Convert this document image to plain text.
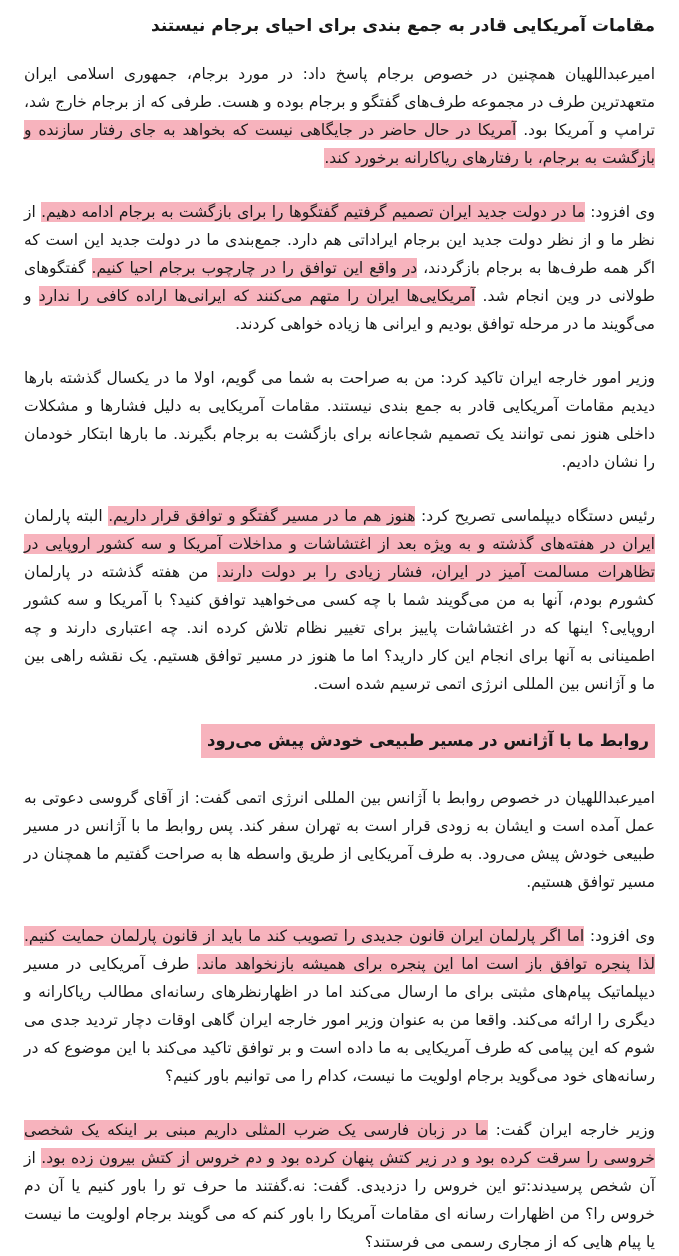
مقامات آمریکایی قادر به جمع بندی برای احیای برجام نیستند

امیرعبداللهیان همچنین در خصوص برجام پاسخ داد: در مورد برجام، جمهوری اسلامی ایران متعهدترین طرف در مجموعه طرف‌های گفتگو و برجام بوده و هست. طرفی که از برجام خارج شد، ترامپ و آمریکا بود. آمریکا در حال حاضر در جایگاهی نیست که بخواهد به جای رفتار سازنده و بازگشت به برجام، با رفتارهای ریاکارانه برخورد کند.

وی افزود: ما در دولت جدید ایران تصمیم گرفتیم گفتگوها را برای بازگشت به برجام ادامه دهیم. از نظر ما و از نظر دولت جدید این برجام ایراداتی هم دارد. جمع‌بندی ما در دولت جدید این است که اگر همه طرف‌ها به برجام بازگردند، در واقع این توافق را در چارچوب برجام احیا کنیم. گفتگوهای طولانی در وین انجام شد. آمریکایی‌ها ایران را متهم می‌کنند که ایرانی‌ها اراده کافی را ندارد و می‌گویند ما در مرحله توافق بودیم و ایرانی ها زیاده خواهی کردند.

وزیر امور خارجه ایران تاکید کرد: من به صراحت به شما می گویم، اولا ما در یکسال گذشته بارها دیدیم مقامات آمریکایی قادر به جمع بندی نیستند. مقامات آمریکایی به دلیل فشارها و مشکلات داخلی هنوز نمی توانند یک تصمیم شجاعانه برای بازگشت به برجام بگیرند. ما بارها ابتکار خودمان را نشان دادیم.

رئیس دستگاه دیپلماسی تصریح کرد: هنوز هم ما در مسیر گفتگو و توافق قرار داریم. البته پارلمان ایران در هفته‌های گذشته و به ویژه بعد از اغتشاشات و مداخلات آمریکا و سه کشور اروپایی در تظاهرات مسالمت آمیز در ایران، فشار زیادی را بر دولت دارند. من هفته گذشته در پارلمان کشورم بودم، آنها به من می‌گویند شما با چه کسی می‌خواهید توافق کنید؟ با آمریکا و سه کشور اروپایی؟ اینها که در اغتشاشات پاییز برای تغییر نظام تلاش کرده اند. چه اعتباری دارند و چه اطمینانی به آنها برای انجام این کار دارید؟ اما ما هنوز در مسیر توافق هستیم. یک نقشه راهی بین ما و آژانس بین المللی انرژی اتمی ترسیم شده است.

روابط ما با آژانس در مسیر طبیعی خودش پیش می‌رود

امیرعبداللهیان در خصوص روابط با آژانس بین المللی انرژی اتمی گفت: از آقای گروسی دعوتی به عمل آمده است و ایشان به زودی قرار است به تهران سفر کند. پس روابط ما با آژانس در مسیر طبیعی خودش پیش می‌رود. به طرف آمریکایی از طریق واسطه ها به صراحت گفتیم ما همچنان در مسیر توافق هستیم.

وی افزود: اما اگر پارلمان ایران قانون جدیدی را تصویب کند ما باید از قانون پارلمان حمایت کنیم. لذا پنجره توافق باز است اما این پنجره برای همیشه بازنخواهد ماند. طرف آمریکایی در مسیر دیپلماتیک پیام‌های مثبتی برای ما ارسال می‌کند اما در اظهارنظرهای رسانه‌ای مطالب ریاکارانه و دیگری را ارائه می‌کند. واقعا من به عنوان وزیر امور خارجه ایران گاهی اوقات دچار تردید جدی می شوم که این پیامی که طرف آمریکایی به ما داده است و بر توافق تاکید می‌کند با این موضوع که در رسانه‌های خود می‌گوید برجام اولویت ما نیست، کدام را می توانیم باور کنیم؟

وزیر خارجه ایران گفت: ما در زبان فارسی یک ضرب المثلی داریم مبنی بر اینکه یک شخصی خروسی را سرقت کرده بود و در زیر کتش پنهان کرده بود و دم خروس از کتش بیرون زده بود. از آن شخص پرسیدند:تو این خروس را دزدیدی. گفت: نه.گفتند ما حرف تو را باور کنیم یا آن دم خروس را؟ من اظهارات رسانه ای مقامات آمریکا را باور کنم که می گویند برجام اولویت ما نیست یا پیام هایی که از مجاری رسمی می فرستند؟
